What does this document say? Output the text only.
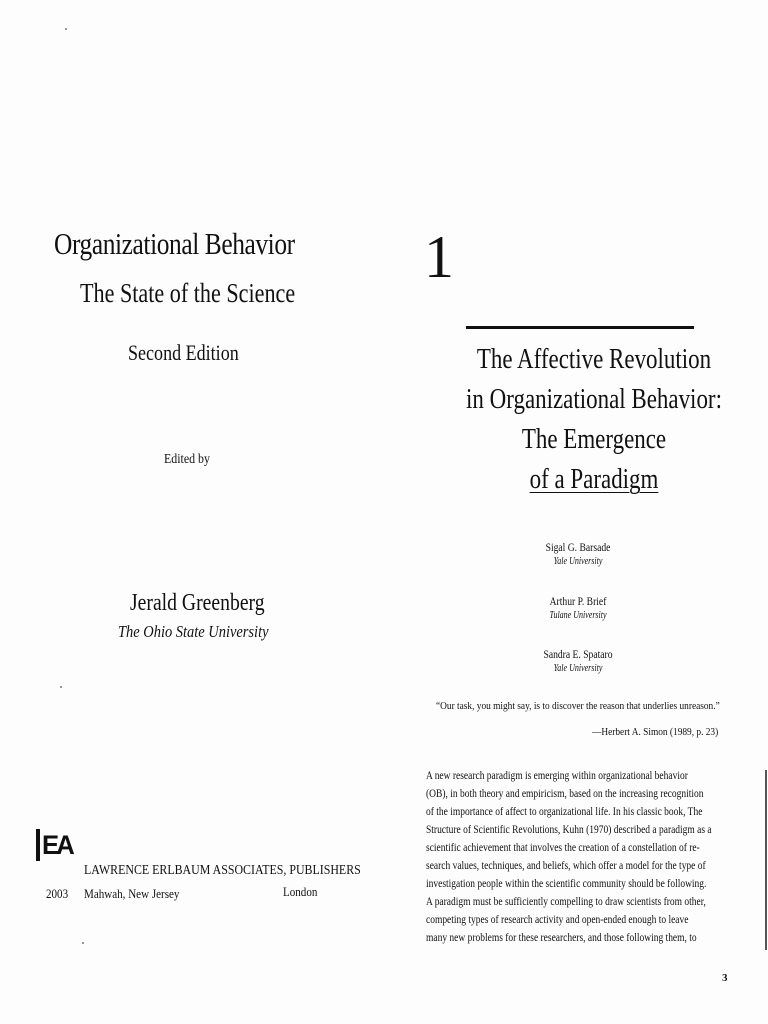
Organizational Behavior
The State of the Science
Second Edition
Edited by
Jerald Greenberg
The Ohio State University
EA
LAWRENCE ERLBAUM ASSOCIATES, PUBLISHERS
2003 Mahwah, New Jersey	London
1
The Affective Revolution
in Organizational Behavior:
The Emergence
of a Paradigm
Sigal G. Barsade
Yale University
Arthur P. Brief
Tulane University
Sandra E. Spataro
Yale University
“Our task, you might say, is to discover the reason that underlies unreason.”
—Herbert A. Simon (1989, p. 23)
A new research paradigm is emerging within organizational behavior
(OB), in both theory and empiricism, based on the increasing recognition
of the importance of affect to organizational life. In his classic book, The
Structure of Scientific Revolutions, Kuhn (1970) described a paradigm as a
scientific achievement that involves the creation of a constellation of re-
search values, techniques, and beliefs, which offer a model for the type of
investigation people within the scientific community should be following.
A paradigm must be sufficiently compelling to draw scientists from other,
competing types of research activity and open-ended enough to leave
many new problems for these researchers, and those following them, to
3
